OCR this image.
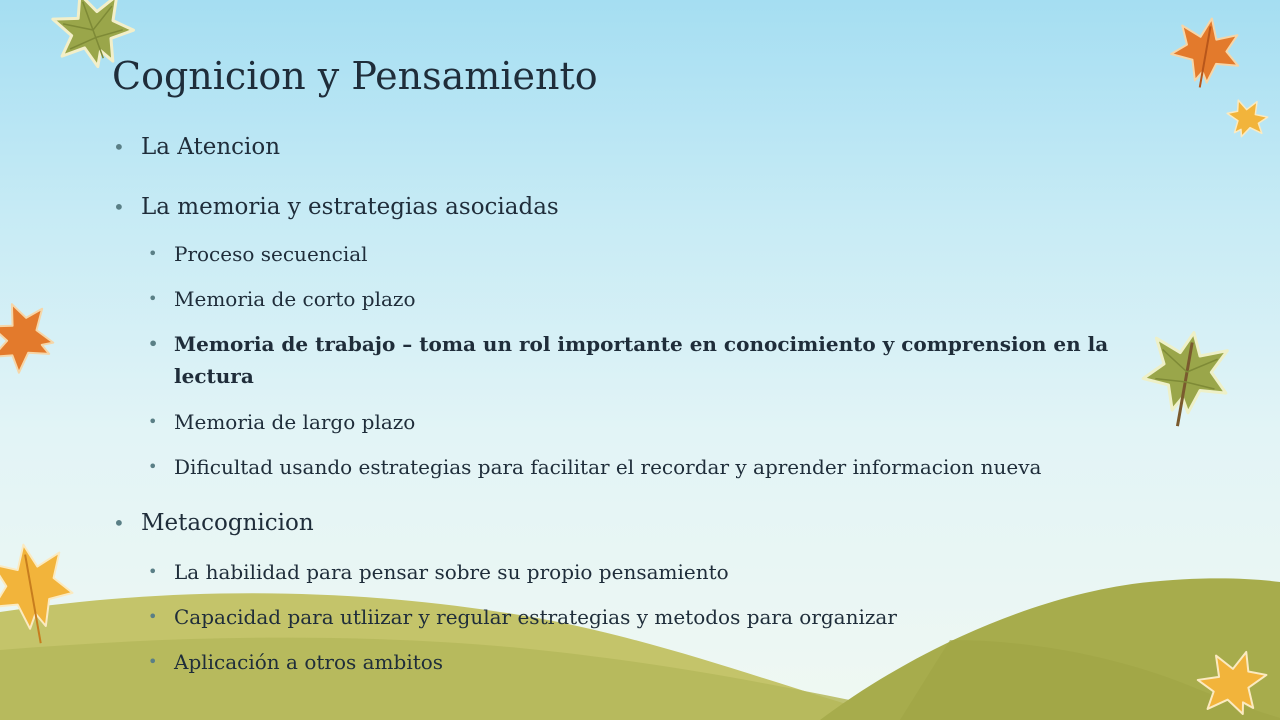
Cognicion y Pensamiento
• La Atencion
• La memoria y estrategias asociadas
• Proceso secuencial
• Memoria de corto plazo
• Memoria de trabajo – toma un rol importante en conocimiento y comprension en la lectura
• Memoria de largo plazo
• Dificultad usando estrategias para facilitar el recordar y aprender informacion nueva
• Metacognicion
• La habilidad para pensar sobre su propio pensamiento
• Capacidad para utliizar y regular estrategias y metodos para organizar
• Aplicación a otros ambitos
